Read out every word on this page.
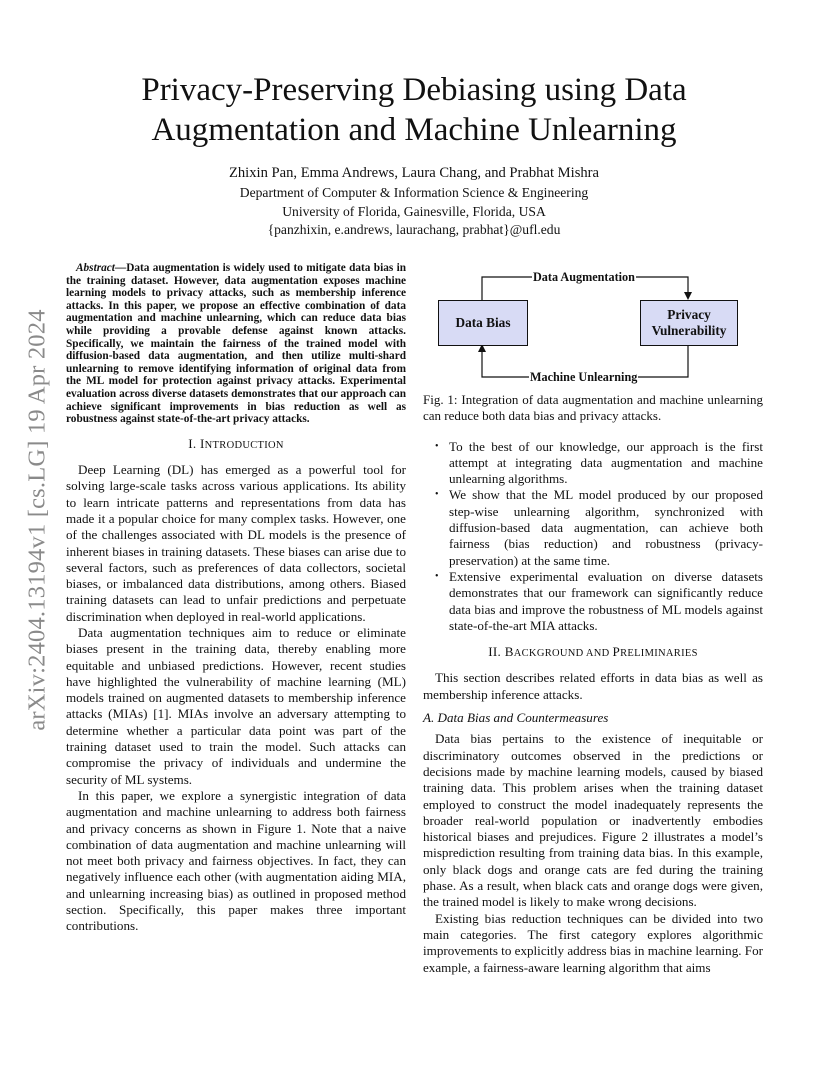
arXiv:2404.13194v1 [cs.LG] 19 Apr 2024
Privacy-Preserving Debiasing using Data Augmentation and Machine Unlearning
Zhixin Pan, Emma Andrews, Laura Chang, and Prabhat Mishra
Department of Computer & Information Science & Engineering
University of Florida, Gainesville, Florida, USA
{panzhixin, e.andrews, laurachang, prabhat}@ufl.edu
Abstract—Data augmentation is widely used to mitigate data bias in the training dataset. However, data augmentation exposes machine learning models to privacy attacks, such as membership inference attacks. In this paper, we propose an effective combination of data augmentation and machine unlearning, which can reduce data bias while providing a provable defense against known attacks. Specifically, we maintain the fairness of the trained model with diffusion-based data augmentation, and then utilize multi-shard unlearning to remove identifying information of original data from the ML model for protection against privacy attacks. Experimental evaluation across diverse datasets demonstrates that our approach can achieve significant improvements in bias reduction as well as robustness against state-of-the-art privacy attacks.
I. INTRODUCTION

Deep Learning (DL) has emerged as a powerful tool for solving large-scale tasks across various applications. Its ability to learn intricate patterns and representations from data has made it a popular choice for many complex tasks. However, one of the challenges associated with DL models is the presence of inherent biases in training datasets. These biases can arise due to several factors, such as preferences of data collectors, societal biases, or imbalanced data distributions, among others. Biased training datasets can lead to unfair predictions and perpetuate discrimination when deployed in real-world applications.

Data augmentation techniques aim to reduce or eliminate biases present in the training data, thereby enabling more equitable and unbiased predictions. However, recent studies have highlighted the vulnerability of machine learning (ML) models trained on augmented datasets to membership inference attacks (MIAs) [1]. MIAs involve an adversary attempting to determine whether a particular data point was part of the training dataset used to train the model. Such attacks can compromise the privacy of individuals and undermine the security of ML systems.

In this paper, we explore a synergistic integration of data augmentation and machine unlearning to address both fairness and privacy concerns as shown in Figure 1. Note that a naive combination of data augmentation and machine unlearning will not meet both privacy and fairness objectives. In fact, they can negatively influence each other (with augmentation aiding MIA, and unlearning increasing bias) as outlined in proposed method section. Specifically, this paper makes three important contributions.

Data Bias
Privacy Vulnerability
Data Augmentation
Machine Unlearning
Fig. 1: Integration of data augmentation and machine unlearning can reduce both data bias and privacy attacks.
• To the best of our knowledge, our approach is the first attempt at integrating data augmentation and machine unlearning algorithms.
• We show that the ML model produced by our proposed step-wise unlearning algorithm, synchronized with diffusion-based data augmentation, can achieve both fairness (bias reduction) and robustness (privacy-preservation) at the same time.
• Extensive experimental evaluation on diverse datasets demonstrates that our framework can significantly reduce data bias and improve the robustness of ML models against state-of-the-art MIA attacks.
II. BACKGROUND AND PRELIMINARIES

This section describes related efforts in data bias as well as membership inference attacks.

A. Data Bias and Countermeasures

Data bias pertains to the existence of inequitable or discriminatory outcomes observed in the predictions or decisions made by machine learning models, caused by biased training data. This problem arises when the training dataset employed to construct the model inadequately represents the broader real-world population or inadvertently embodies historical biases and prejudices. Figure 2 illustrates a model’s misprediction resulting from training data bias. In this example, only black dogs and orange cats are fed during the training phase. As a result, when black cats and orange dogs were given, the trained model is likely to make wrong decisions.

Existing bias reduction techniques can be divided into two main categories. The first category explores algorithmic improvements to explicitly address bias in machine learning. For example, a fairness-aware learning algorithm that aims
